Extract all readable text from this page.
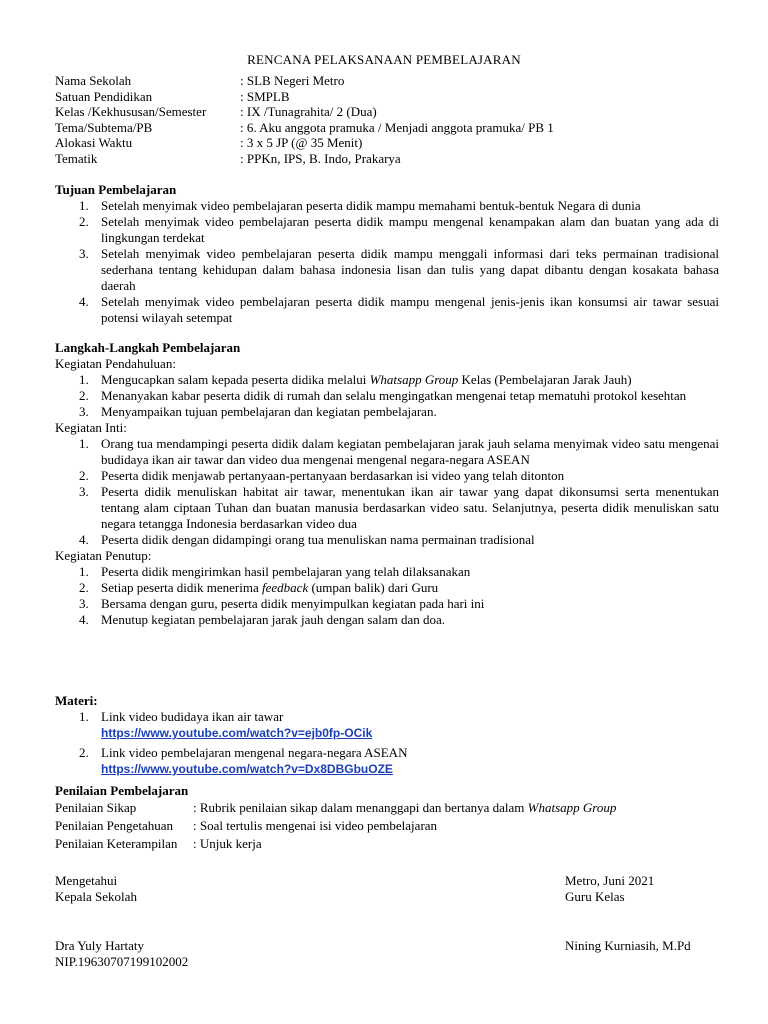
RENCANA PELAKSANAAN PEMBELAJARAN
Nama Sekolah	: SLB Negeri Metro
Satuan Pendidikan	: SMPLB
Kelas /Kekhususan/Semester	: IX /Tunagrahita/ 2 (Dua)
Tema/Subtema/PB	: 6. Aku anggota pramuka / Menjadi anggota pramuka/ PB 1
Alokasi Waktu	: 3 x 5 JP (@ 35 Menit)
Tematik	: PPKn, IPS, B. Indo, Prakarya
Tujuan Pembelajaran
1. Setelah menyimak video pembelajaran peserta didik mampu memahami bentuk-bentuk Negara di dunia
2. Setelah menyimak video pembelajaran peserta didik mampu mengenal kenampakan alam dan buatan yang ada di lingkungan terdekat
3. Setelah menyimak video pembelajaran peserta didik mampu menggali informasi dari teks permainan tradisional sederhana tentang kehidupan dalam bahasa indonesia lisan dan tulis yang dapat dibantu dengan kosakata bahasa daerah
4. Setelah menyimak video pembelajaran peserta didik mampu mengenal jenis-jenis ikan konsumsi air tawar sesuai potensi wilayah setempat
Langkah-Langkah Pembelajaran
Kegiatan Pendahuluan:
1. Mengucapkan salam kepada peserta didika melalui Whatsapp Group Kelas (Pembelajaran Jarak Jauh)
2. Menanyakan kabar peserta didik di rumah dan selalu mengingatkan mengenai tetap mematuhi protokol kesehtan
3. Menyampaikan tujuan pembelajaran dan kegiatan pembelajaran.
Kegiatan Inti:
1. Orang tua mendampingi peserta didik dalam kegiatan pembelajaran jarak jauh selama menyimak video satu mengenai budidaya ikan air tawar dan video dua mengenai mengenal negara-negara ASEAN
2. Peserta didik menjawab pertanyaan-pertanyaan berdasarkan isi video yang telah ditonton
3. Peserta didik menuliskan habitat air tawar, menentukan ikan air tawar yang dapat dikonsumsi serta menentukan tentang alam ciptaan Tuhan dan buatan manusia berdasarkan video satu. Selanjutnya, peserta didik menuliskan satu negara tetangga Indonesia berdasarkan video dua
4. Peserta didik dengan didampingi orang tua menuliskan nama permainan tradisional
Kegiatan Penutup:
1. Peserta didik mengirimkan hasil pembelajaran yang telah dilaksanakan
2. Setiap peserta didik menerima feedback (umpan balik) dari Guru
3. Bersama dengan guru, peserta didik menyimpulkan kegiatan pada hari ini
4. Menutup kegiatan pembelajaran jarak jauh dengan salam dan doa.
Materi:
1. Link video budidaya ikan air tawar
https://www.youtube.com/watch?v=ejb0fp-OCik
2. Link video pembelajaran mengenal negara-negara ASEAN
https://www.youtube.com/watch?v=Dx8DBGbuOZE
Penilaian Pembelajaran
Penilaian Sikap	: Rubrik penilaian sikap dalam menanggapi dan bertanya dalam Whatsapp Group
Penilaian Pengetahuan	: Soal tertulis mengenai isi video pembelajaran
Penilaian Keterampilan	: Unjuk kerja
Mengetahui
Kepala Sekolah
Dra Yuly Hartaty
NIP.19630707199102002
Metro, Juni 2021
Guru Kelas
Nining Kurniasih, M.Pd
